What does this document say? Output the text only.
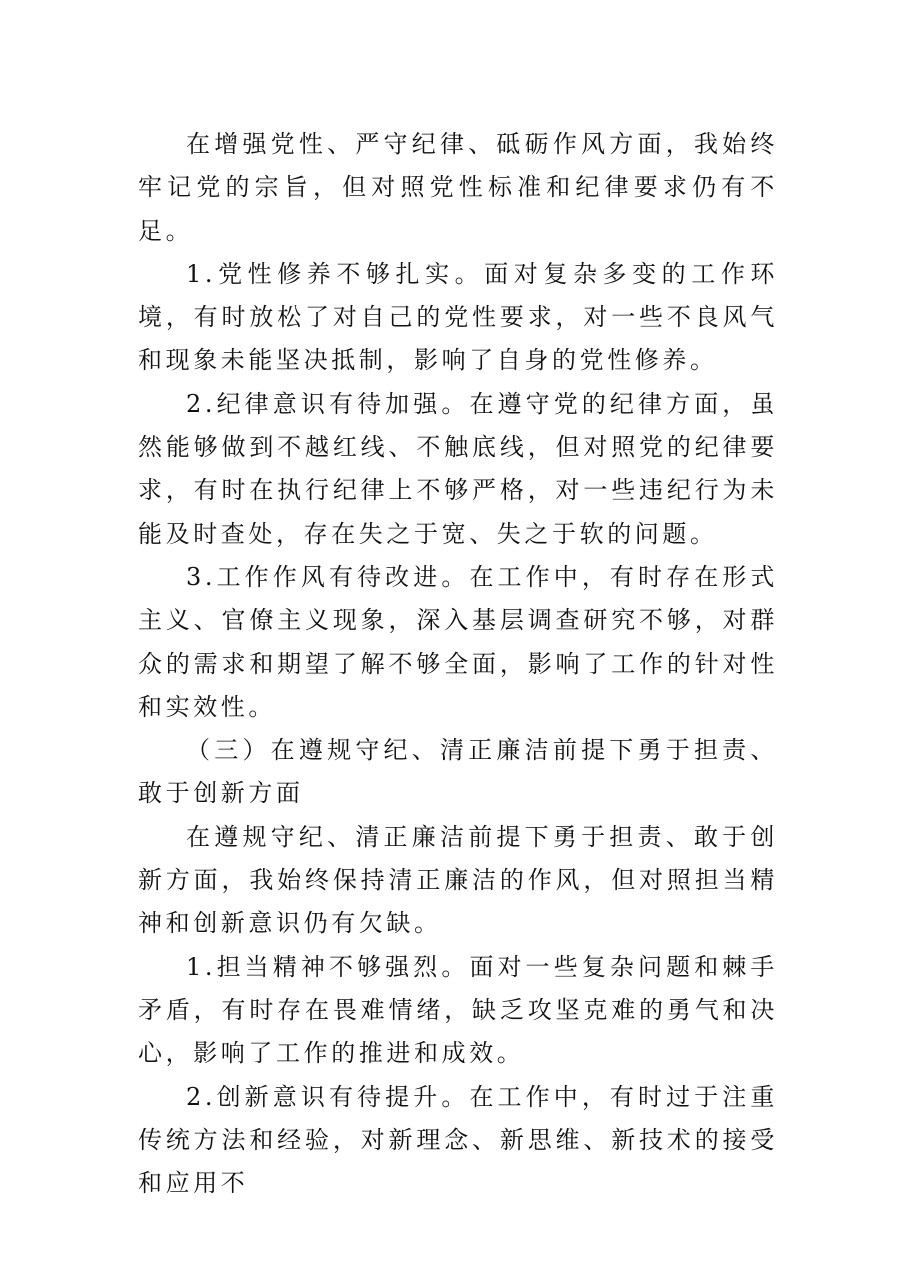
在增强党性、严守纪律、砥砺作风方面，我始终牢记党的宗旨，但对照党性标准和纪律要求仍有不足。

1.党性修养不够扎实。面对复杂多变的工作环境，有时放松了对自己的党性要求，对一些不良风气和现象未能坚决抵制，影响了自身的党性修养。

2.纪律意识有待加强。在遵守党的纪律方面，虽然能够做到不越红线、不触底线，但对照党的纪律要求，有时在执行纪律上不够严格，对一些违纪行为未能及时查处，存在失之于宽、失之于软的问题。

3.工作作风有待改进。在工作中，有时存在形式主义、官僚主义现象，深入基层调查研究不够，对群众的需求和期望了解不够全面，影响了工作的针对性和实效性。

（三）在遵规守纪、清正廉洁前提下勇于担责、敢于创新方面

在遵规守纪、清正廉洁前提下勇于担责、敢于创新方面，我始终保持清正廉洁的作风，但对照担当精神和创新意识仍有欠缺。

1.担当精神不够强烈。面对一些复杂问题和棘手矛盾，有时存在畏难情绪，缺乏攻坚克难的勇气和决心，影响了工作的推进和成效。

2.创新意识有待提升。在工作中，有时过于注重传统方法和经验，对新理念、新思维、新技术的接受和应用不
